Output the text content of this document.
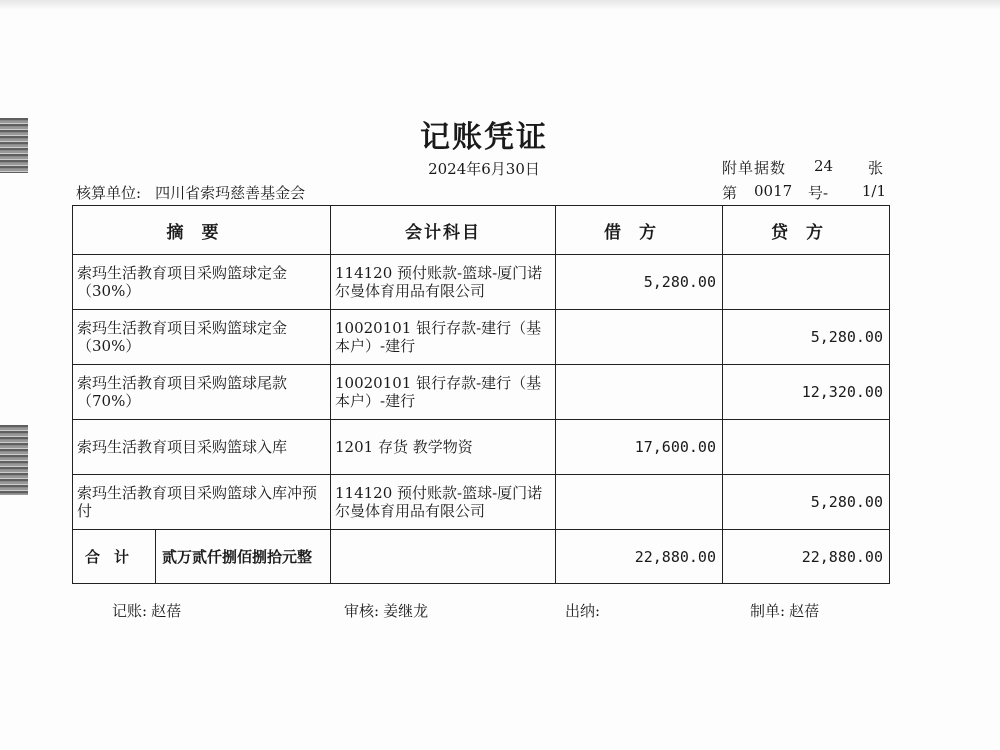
记账凭证
2024年6月30日	附单据数 24 张
核算单位: 四川省索玛慈善基金会	第 0017 号- 1/1
摘要	会计科目	借方	贷方
索玛生活教育项目采购篮球定金（30%）	114120 预付账款-篮球-厦门诺尔曼体育用品有限公司	5,280.00	
索玛生活教育项目采购篮球定金（30%）	10020101 银行存款-建行（基本户）-建行		5,280.00
索玛生活教育项目采购篮球尾款（70%）	10020101 银行存款-建行（基本户）-建行		12,320.00
索玛生活教育项目采购篮球入库	1201 存货 教学物资	17,600.00	
索玛生活教育项目采购篮球入库冲预付	114120 预付账款-篮球-厦门诺尔曼体育用品有限公司		5,280.00

合计 贰万贰仟捌佰捌拾元整		22,880.00	22,880.00
记账: 赵蓓	审核: 姜继龙	出纳:	制单: 赵蓓
